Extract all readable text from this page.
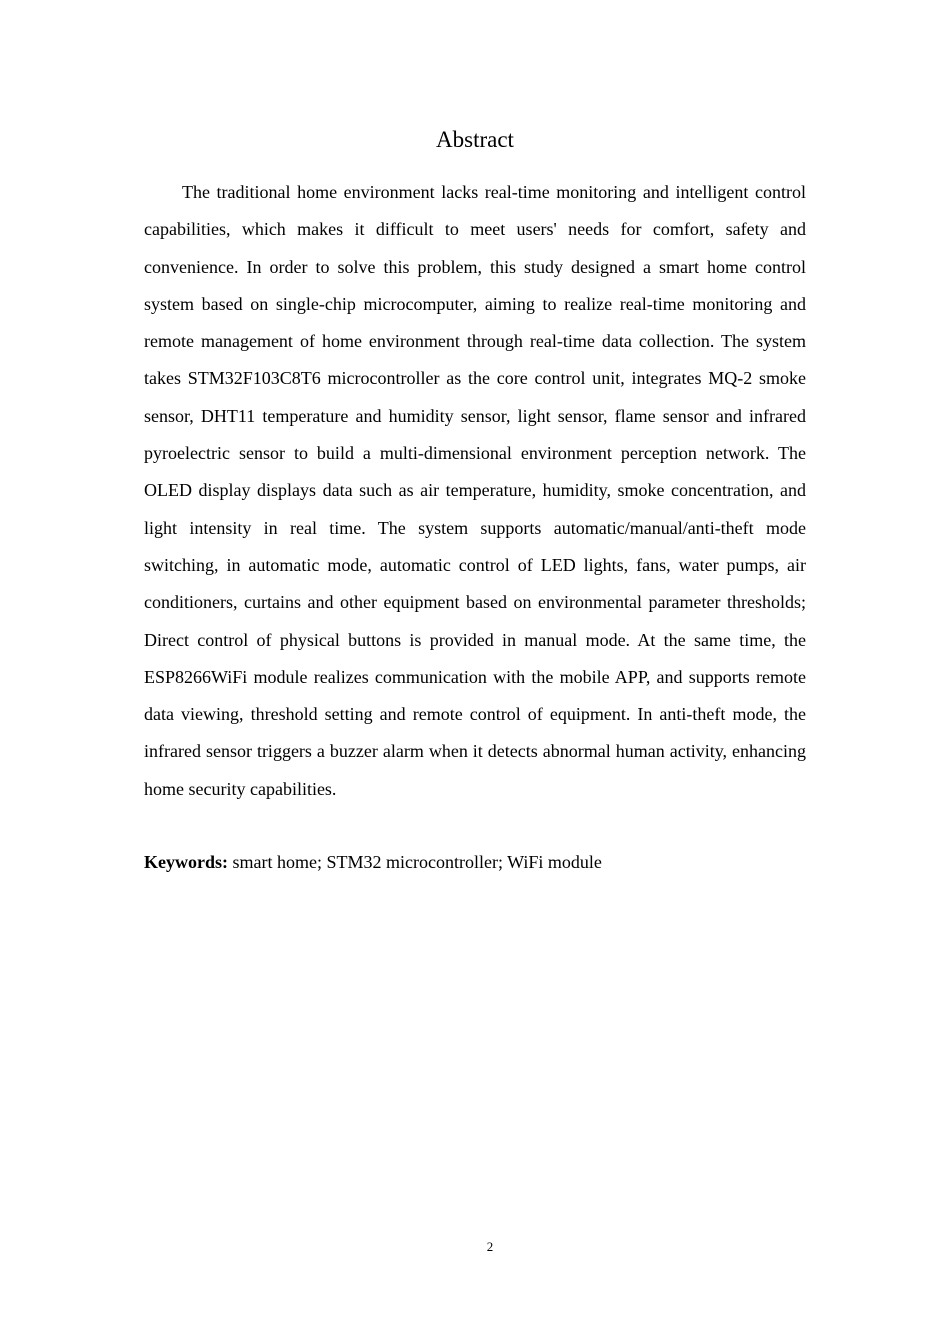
Abstract

The traditional home environment lacks real-time monitoring and intelligent control capabilities, which makes it difficult to meet users' needs for comfort, safety and convenience. In order to solve this problem, this study designed a smart home control system based on single-chip microcomputer, aiming to realize real-time monitoring and remote management of home environment through real-time data collection. The system takes STM32F103C8T6 microcontroller as the core control unit, integrates MQ-2 smoke sensor, DHT11 temperature and humidity sensor, light sensor, flame sensor and infrared pyroelectric sensor to build a multi-dimensional environment perception network. The OLED display displays data such as air temperature, humidity, smoke concentration, and light intensity in real time. The system supports automatic/manual/anti-theft mode switching, in automatic mode, automatic control of LED lights, fans, water pumps, air conditioners, curtains and other equipment based on environmental parameter thresholds; Direct control of physical buttons is provided in manual mode. At the same time, the ESP8266WiFi module realizes communication with the mobile APP, and supports remote data viewing, threshold setting and remote control of equipment. In anti-theft mode, the infrared sensor triggers a buzzer alarm when it detects abnormal human activity, enhancing home security capabilities.

Keywords: smart home; STM32 microcontroller; WiFi module

2
